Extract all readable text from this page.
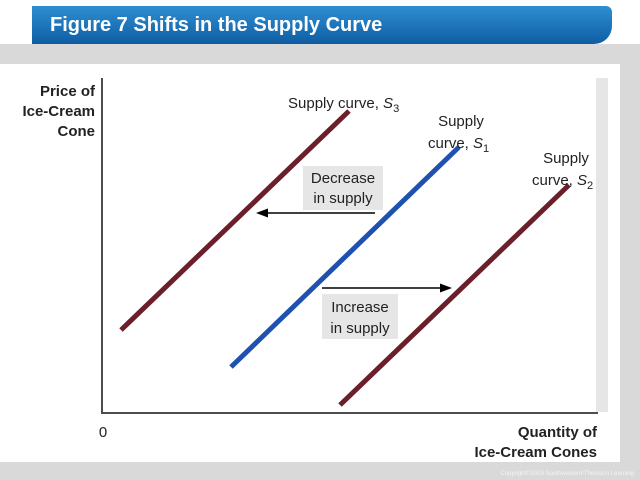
Figure 7 Shifts in the Supply Curve
Decrease
in supply
Increase
in supply
Supply curve, $S_3$
Supply
curve, $S_1$
Supply
curve, $S_2$
Price of
Ice-Cream
Cone
Quantity of
Ice-Cream Cones
0
Copyright©2003 Southwestern/Thomson Learning
